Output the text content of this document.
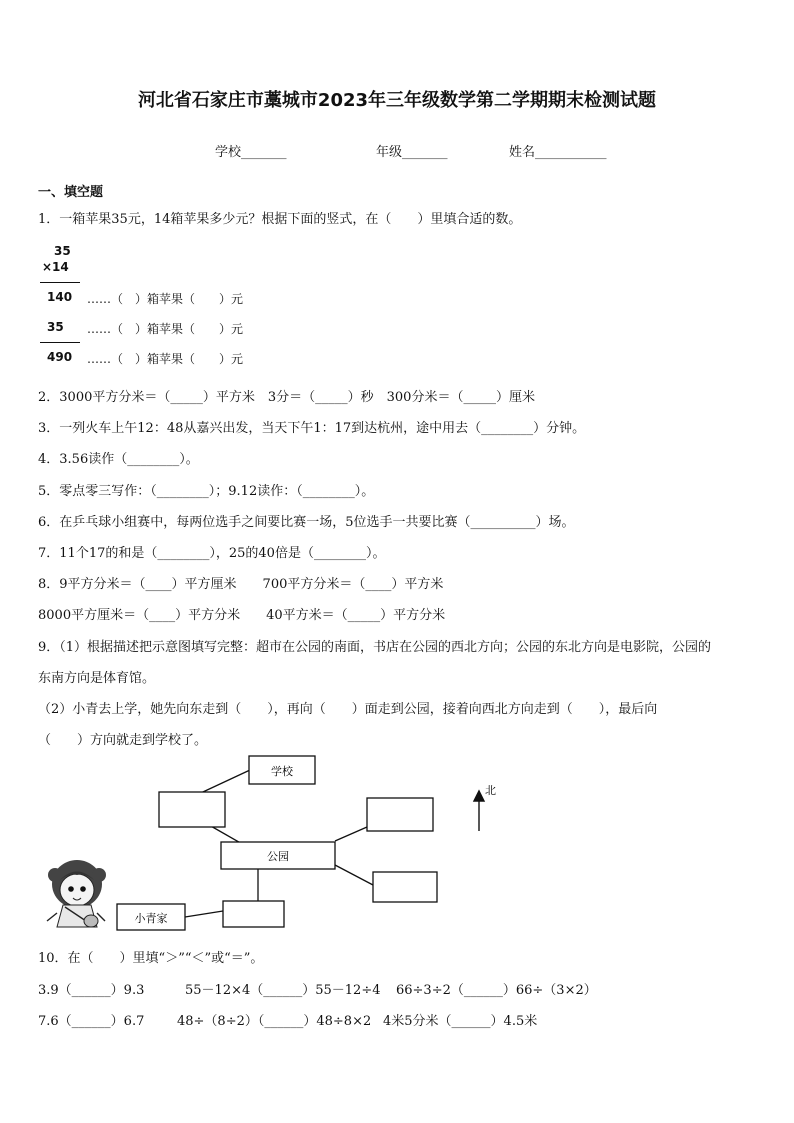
河北省石家庄市藁城市2023年三年级数学第二学期期末检测试题
学校_______	年级_______	姓名___________
一、填空题
1．一箱苹果35元，14箱苹果多少元？根据下面的竖式，在（　　）里填合适的数。
35
×14
140 ……（　）箱苹果（　　）元
35 ……（　）箱苹果（　　）元
490 ……（　）箱苹果（　　）元
2．3000平方分米＝（_____）平方米　3分＝（_____）秒　300分米＝（_____）厘米
3．一列火车上午12：48从嘉兴出发，当天下午1：17到达杭州，途中用去（________）分钟。
4．3.56读作（________）。
5．零点零三写作：（________）；9.12读作：（________）。
6．在乒乓球小组赛中，每两位选手之间要比赛一场，5位选手一共要比赛（__________）场。
7．11个17的和是（________），25的40倍是（________）。
8．9平方分米＝（____）平方厘米　　700平方分米＝（____）平方米
8000平方厘米＝（____）平方分米　　40平方米＝（_____）平方分米
9．（1）根据描述把示意图填写完整：超市在公园的南面，书店在公园的西北方向；公园的东北方向是电影院，公园的
东南方向是体育馆。
（2）小青去上学，她先向东走到（　　），再向（　　）面走到公园，接着向西北方向走到（　　），最后向
（　　）方向就走到学校了。
学校
公园
小青家
北
10．在（　　）里填“＞”“＜”或“＝”。
3.9（______）9.3	55－12×4（______）55－12÷4 66÷3÷2（______）66÷（3×2）
7.6（______）6.7	48÷（8÷2）（______）48÷8×2 4米5分米（______）4.5米
